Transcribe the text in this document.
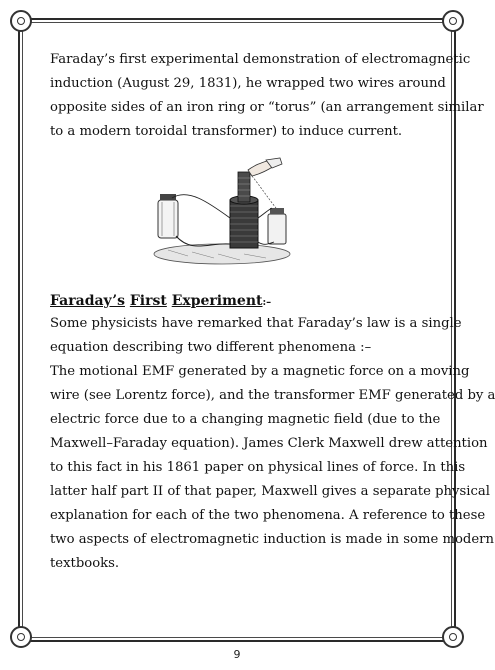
Faraday’s first experimental demonstration of electromagnetic

induction (August 29, 1831), he wrapped two wires around

opposite sides of an iron ring or “torus” (an arrangement similar

to a modern toroidal transformer) to induce current.

Faraday’s First Experiment:–

Some physicists have remarked that Faraday’s law is a single

equation describing two different phenomena :–

The motional EMF generated by a magnetic force on a moving

wire (see Lorentz force), and the transformer EMF generated by a

electric force due to a changing magnetic field (due to the

Maxwell–Faraday equation). James Clerk Maxwell drew attention

to this fact in his 1861 paper on physical lines of force. In this

latter half part II of that paper, Maxwell gives a separate physical

explanation for each of the two phenomena. A reference to these

two aspects of electromagnetic induction is made in some modern

textbooks.

9
